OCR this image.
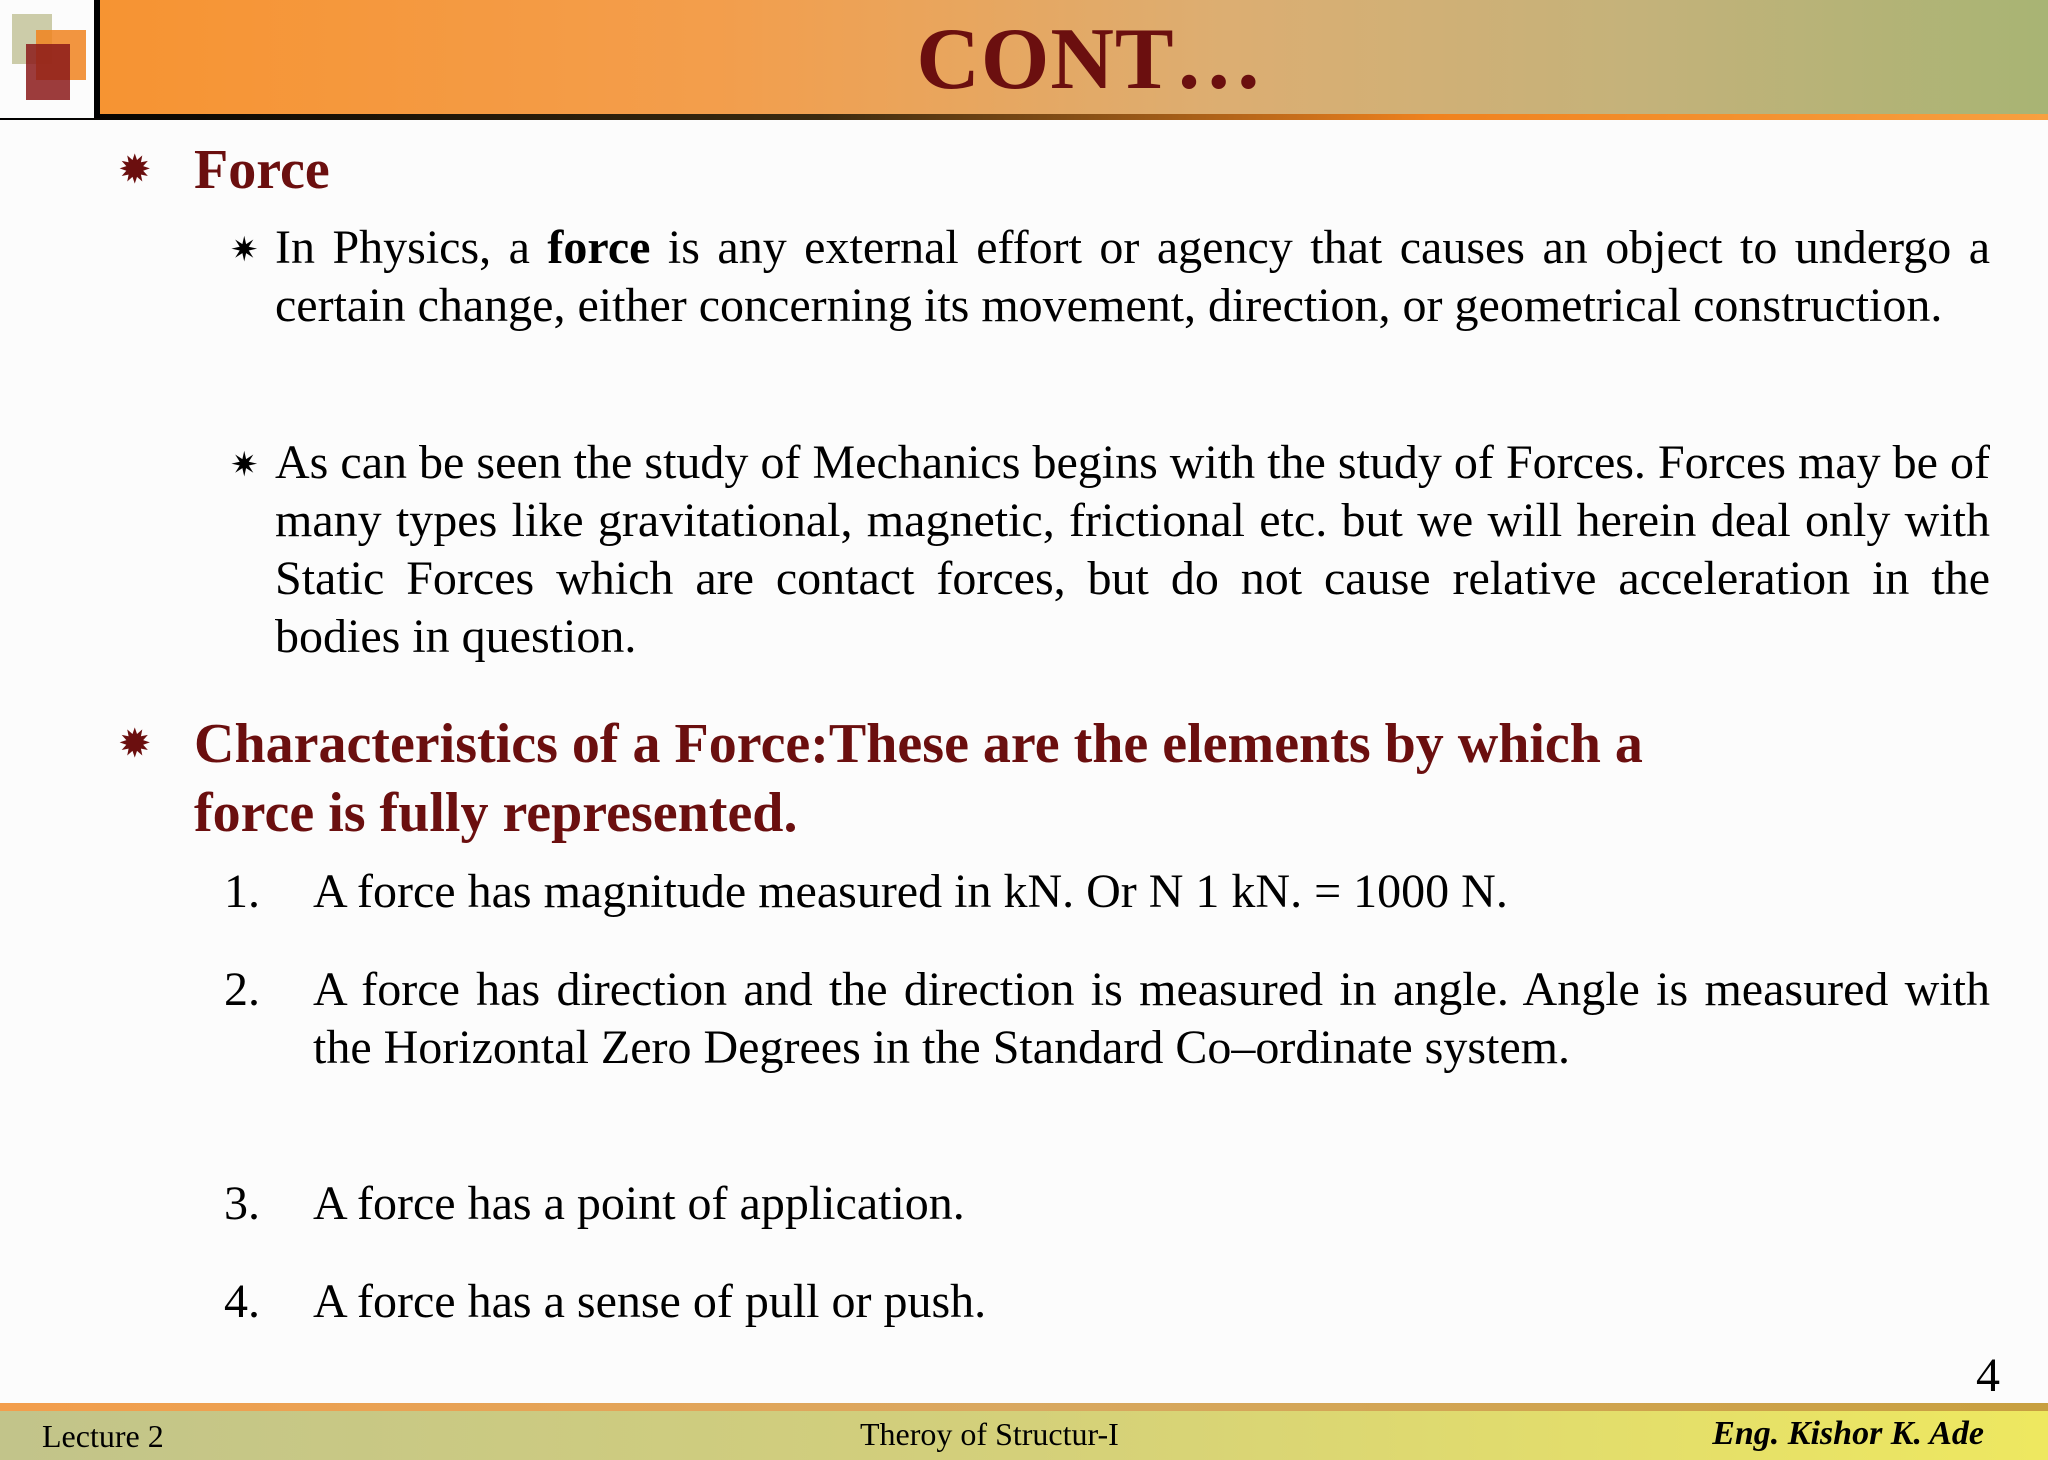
CONT…
✹ Force
✷ In Physics, a force is any external effort or agency that causes an object to undergo a certain change, either concerning its movement, direction, or geometrical construction.
✷ As can be seen the study of Mechanics begins with the study of Forces. Forces may be of many types like gravitational, magnetic, frictional etc. but we will herein deal only with Static Forces which are contact forces, but do not cause relative acceleration in the bodies in question.
✹ Characteristics of a Force:These are the elements by which a
force is fully represented.
1. A force has magnitude measured in kN. Or N 1 kN. = 1000 N.
2. A force has direction and the direction is measured in angle. Angle is measured with the Horizontal Zero Degrees in the Standard Co–ordinate system.
3. A force has a point of application.
4. A force has a sense of pull or push.
4
Lecture 2	Theroy of Structur-I	Eng. Kishor K. Ade
